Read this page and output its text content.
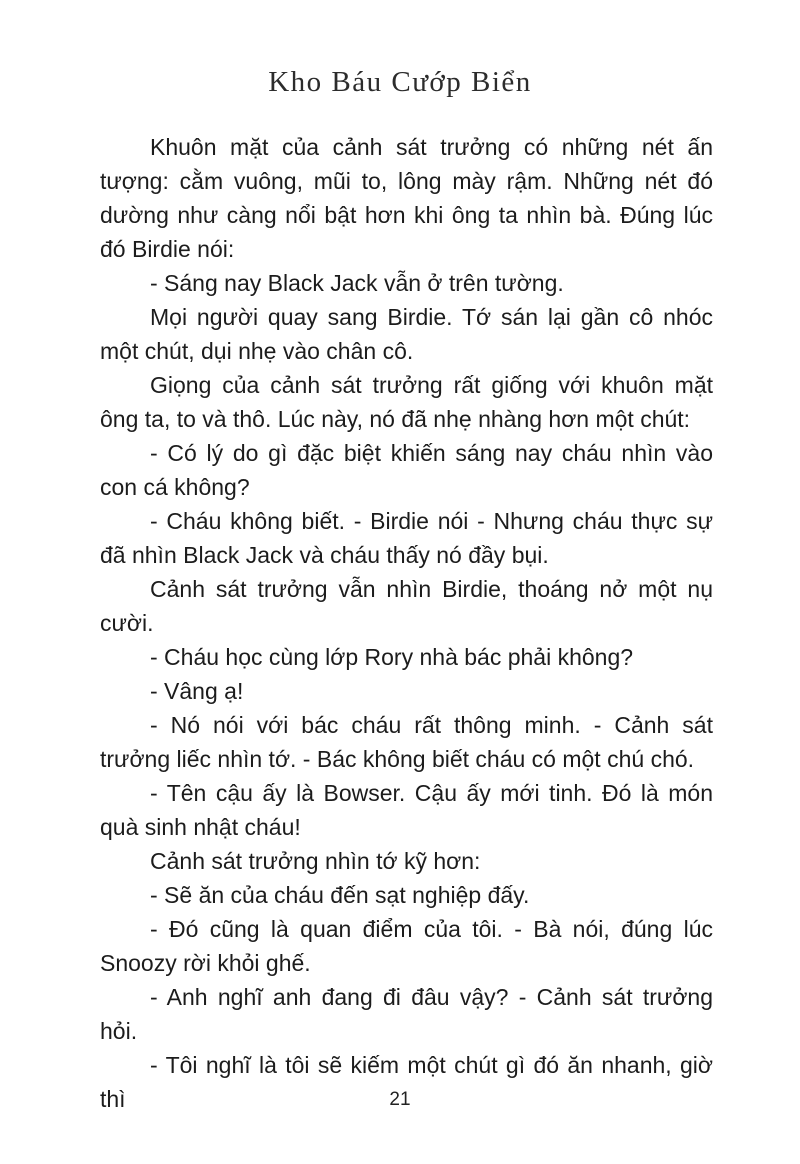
Kho Báu Cướp Biển

Khuôn mặt của cảnh sát trưởng có những nét ấn tượng: cằm vuông, mũi to, lông mày rậm. Những nét đó dường như càng nổi bật hơn khi ông ta nhìn bà. Đúng lúc đó Birdie nói:

- Sáng nay Black Jack vẫn ở trên tường.

Mọi người quay sang Birdie. Tớ sán lại gần cô nhóc một chút, dụi nhẹ vào chân cô.

Giọng của cảnh sát trưởng rất giống với khuôn mặt ông ta, to và thô. Lúc này, nó đã nhẹ nhàng hơn một chút:

- Có lý do gì đặc biệt khiến sáng nay cháu nhìn vào con cá không?

- Cháu không biết. - Birdie nói - Nhưng cháu thực sự đã nhìn Black Jack và cháu thấy nó đầy bụi.

Cảnh sát trưởng vẫn nhìn Birdie, thoáng nở một nụ cười.

- Cháu học cùng lớp Rory nhà bác phải không?

- Vâng ạ!

- Nó nói với bác cháu rất thông minh. - Cảnh sát trưởng liếc nhìn tớ. - Bác không biết cháu có một chú chó.

- Tên cậu ấy là Bowser. Cậu ấy mới tinh. Đó là món quà sinh nhật cháu!

Cảnh sát trưởng nhìn tớ kỹ hơn:

- Sẽ ăn của cháu đến sạt nghiệp đấy.

- Đó cũng là quan điểm của tôi. - Bà nói, đúng lúc Snoozy rời khỏi ghế.

- Anh nghĩ anh đang đi đâu vậy? - Cảnh sát trưởng hỏi.

- Tôi nghĩ là tôi sẽ kiếm một chút gì đó ăn nhanh, giờ thì	21
